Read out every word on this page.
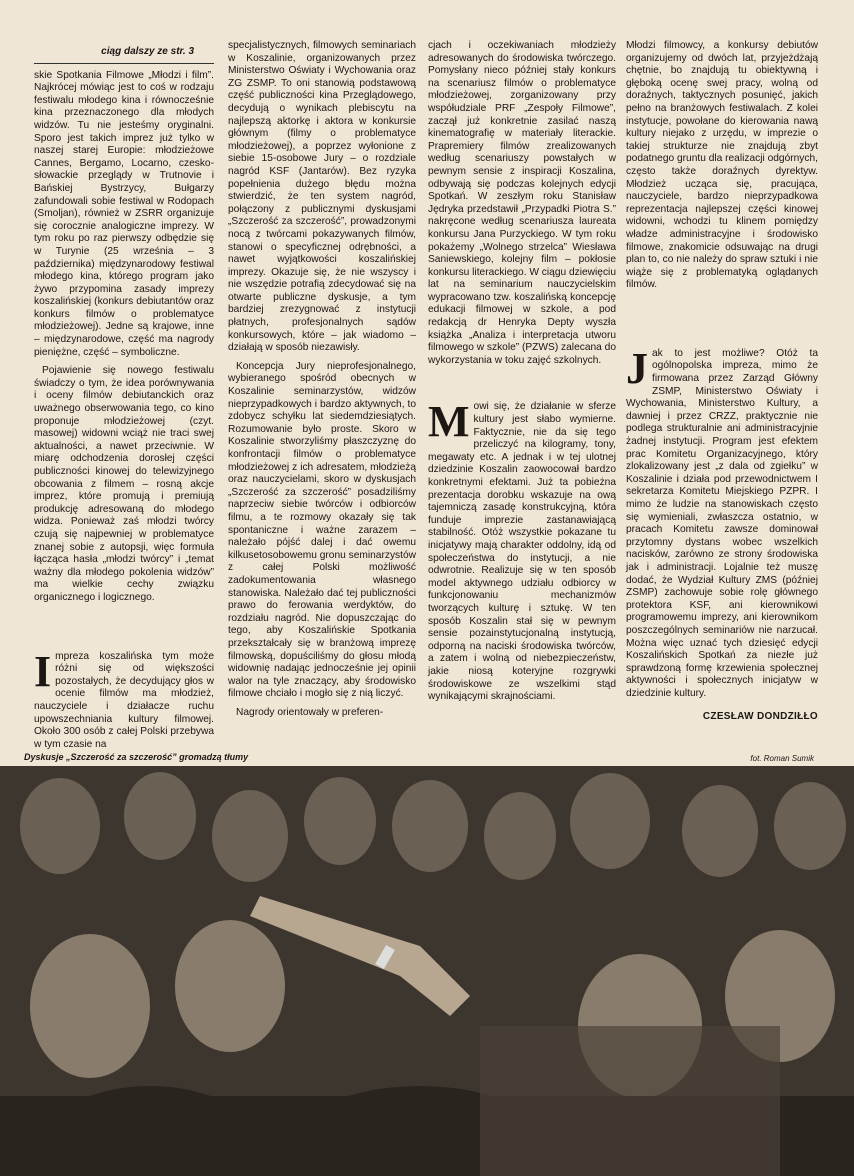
ciąg dalszy ze str. 3

skie Spotkania Filmowe „Młodzi i film”. Najkrócej mówiąc jest to coś w rodzaju festiwalu młodego kina i równocześnie kina przeznaczonego dla młodych widzów. Tu nie jesteśmy oryginalni. Sporo jest takich imprez już tylko w naszej starej Europie: młodzieżowe Cannes, Bergamo, Locarno, czesko-słowackie przeglądy w Trutnovie i Bańskiej Bystrzycy, Bułgarzy zafundowali sobie festiwal w Rodopach (Smoljan), również w ZSRR organizuje się corocznie analogiczne imprezy. W tym roku po raz pierwszy odbędzie się w Turynie (25 września – 3 października) międzynarodowy festiwal młodego kina, którego program jako żywo przypomina zasady imprezy koszalińskiej (konkurs debiutantów oraz konkurs filmów o problematyce młodzieżowej). Jedne są krajowe, inne – międzynarodowe, część ma nagrody pieniężne, część – symboliczne.

Pojawienie się nowego festiwalu świadczy o tym, że idea porównywania i oceny filmów debiutanckich oraz uważnego obserwowania tego, co kino proponuje młodzieżowej (czyt. masowej) widowni wciąż nie traci swej aktualności, a nawet przeciwnie. W miarę odchodzenia dorosłej części publiczności kinowej do telewizyjnego obcowania z filmem – rosną akcje imprez, które promują i premiują produkcję adresowaną do młodego widza. Ponieważ zaś młodzi twórcy czują się najpewniej w problematyce znanej sobie z autopsji, więc formuła łącząca hasła „młodzi twórcy” i „temat ważny dla młodego pokolenia widzów” ma wielkie cechy związku organicznego i logicznego.

Impreza koszalińska tym może różni się od większości pozostałych, że decydujący głos w ocenie filmów ma młodzież, nauczyciele i działacze ruchu upowszechniania kultury filmowej. Około 300 osób z całej Polski przebywa w tym czasie na

specjalistycznych, filmowych seminariach w Koszalinie, organizowanych przez Ministerstwo Oświaty i Wychowania oraz ZG ZSMP. To oni stanowią podstawową część publiczności kina Przeglądowego, decydują o wynikach plebiscytu na najlepszą aktorkę i aktora w konkursie głównym (filmy o problematyce młodzieżowej), a poprzez wyłonione z siebie 15-osobowe Jury – o rozdziale nagród KSF (Jantarów). Bez ryzyka popełnienia dużego błędu można stwierdzić, że ten system nagród, połączony z publicznymi dyskusjami „Szczerość za szczerość”, prowadzonymi nocą z twórcami pokazywanych filmów, stanowi o specyficznej odrębności, a nawet wyjątkowości koszalińskiej imprezy. Okazuje się, że nie wszyscy i nie wszędzie potrafią zdecydować się na otwarte publiczne dyskusje, a tym bardziej zrezygnować z instytucji płatnych, profesjonalnych sądów konkursowych, które – jak wiadomo – działają w sposób niezawisły.

Koncepcja Jury nieprofesjonalnego, wybieranego spośród obecnych w Koszalinie seminarzystów, widzów nieprzypadkowych i bardzo aktywnych, to zdobycz schyłku lat siedemdziesiątych. Rozumowanie było proste. Skoro w Koszalinie stworzyliśmy płaszczyznę do konfrontacji filmów o problematyce młodzieżowej z ich adresatem, młodzieżą oraz nauczycielami, skoro w dyskusjach „Szczerość za szczerość” posadziliśmy naprzeciw siebie twórców i odbiorców filmu, a te rozmowy okazały się tak spontaniczne i ważne zarazem – należało pójść dalej i dać owemu kilkusetosobowemu gronu seminarzystów z całej Polski możliwość zadokumentowania własnego stanowiska. Należało dać tej publiczności prawo do ferowania werdyktów, do rozdziału nagród. Nie dopuszczając do tego, aby Koszalińskie Spotkania przekształcały się w branżową imprezę filmowską, dopuściliśmy do głosu młodą widownię nadając jednocześnie jej opinii walor na tyle znaczący, aby środowisko filmowe chciało i mogło się z nią liczyć.

Nagrody orientowały w preferen-

cjach i oczekiwaniach młodzieży adresowanych do środowiska twórczego. Pomysłany nieco później stały konkurs na scenariusz filmów o problematyce młodzieżowej, zorganizowany przy współudziale PRF „Zespoły Filmowe”, zaczął już konkretnie zasilać naszą kinematografię w materiały literackie. Prapremiery filmów zrealizowanych według scenariuszy powstałych w pewnym sensie z inspiracji Koszalina, odbywają się podczas kolejnych edycji Spotkań. W zeszłym roku Stanisław Jędryka przedstawił „Przypadki Piotra S.” nakręcone według scenariusza laureata konkursu Jana Purzyckiego. W tym roku pokażemy „Wolnego strzelca” Wiesława Saniewskiego, kolejny film – pokłosie konkursu literackiego. W ciągu dziewięciu lat na seminarium nauczycielskim wypracowano tzw. koszalińską koncepcję edukacji filmowej w szkole, a pod redakcją dr Henryka Depty wyszła książka „Analiza i interpretacja utworu filmowego w szkole” (PZWS) zalecana do wykorzystania w toku zajęć szkolnych.

Mowi się, że działanie w sferze kultury jest słabo wymierne. Faktycznie, nie da się tego przeliczyć na kilogramy, tony, megawaty etc. A jednak i w tej ulotnej dziedzinie Koszalin zaowocował bardzo konkretnymi efektami. Już ta pobieżna prezentacja dorobku wskazuje na ową tajemniczą zasadę konstrukcyjną, która funduje imprezie zastanawiającą stabilność. Otóż wszystkie pokazane tu inicjatywy mają charakter oddolny, idą od społeczeństwa do instytucji, a nie odwrotnie. Realizuje się w ten sposób model aktywnego udziału odbiorcy w funkcjonowaniu mechanizmów tworzących kulturę i sztukę. W ten sposób Koszalin stał się w pewnym sensie pozainstytucjonalną instytucją, odporną na naciski środowiska twórców, a zatem i wolną od niebezpieczeństw, jakie niosą koteryjne rozgrywki środowiskowe ze wszelkimi stąd wynikającymi skrajnościami.

Młodzi filmowcy, a konkursy debiutów organizujemy od dwóch lat, przyjeżdżają chętnie, bo znajdują tu obiektywną i głęboką ocenę swej pracy, wolną od doraźnych, taktycznych posunięć, jakich pełno na branżowych festiwalach. Z kolei instytucje, powołane do kierowania nawą kultury niejako z urzędu, w imprezie o takiej strukturze nie znajdują zbyt podatnego gruntu dla realizacji odgórnych, często także doraźnych dyrektyw. Młodzież ucząca się, pracująca, nauczyciele, bardzo nieprzypadkowa reprezentacja najlepszej części kinowej widowni, wchodzi tu klinem pomiędzy władze administracyjne i środowisko filmowe, znakomicie odsuwając na drugi plan to, co nie należy do spraw sztuki i nie wiąże się z problematyką oglądanych filmów.

Jak to jest możliwe? Otóż ta ogólnopolska impreza, mimo że firmowana przez Zarząd Główny ZSMP, Ministerstwo Oświaty i Wychowania, Ministerstwo Kultury, a dawniej i przez CRZZ, praktycznie nie podlega strukturalnie ani administracyjnie żadnej instytucji. Program jest efektem prac Komitetu Organizacyjnego, który zlokalizowany jest „z dala od zgiełku” w Koszalinie i działa pod przewodnictwem I sekretarza Komitetu Miejskiego PZPR. I mimo że ludzie na stanowiskach często się wymieniali, zwłaszcza ostatnio, w pracach Komitetu zawsze dominował przytomny dystans wobec wszelkich nacisków, zarówno ze strony środowiska jak i administracji. Lojalnie też muszę dodać, że Wydział Kultury ZMS (później ZSMP) zachowuje sobie rolę głównego protektora KSF, ani kierownikowi programowemu imprezy, ani kierownikom poszczególnych seminariów nie narzucał. Można więc uznać tych dziesięć edycji Koszalińskich Spotkań za niezłe już sprawdzoną formę krzewienia społecznej aktywności i społecznych inicjatyw w dziedzinie kultury.

CZESŁAW DONDZIŁŁO
Dyskusje „Szczerość za szczerość” gromadzą tłumy	fot. Roman Sumik
